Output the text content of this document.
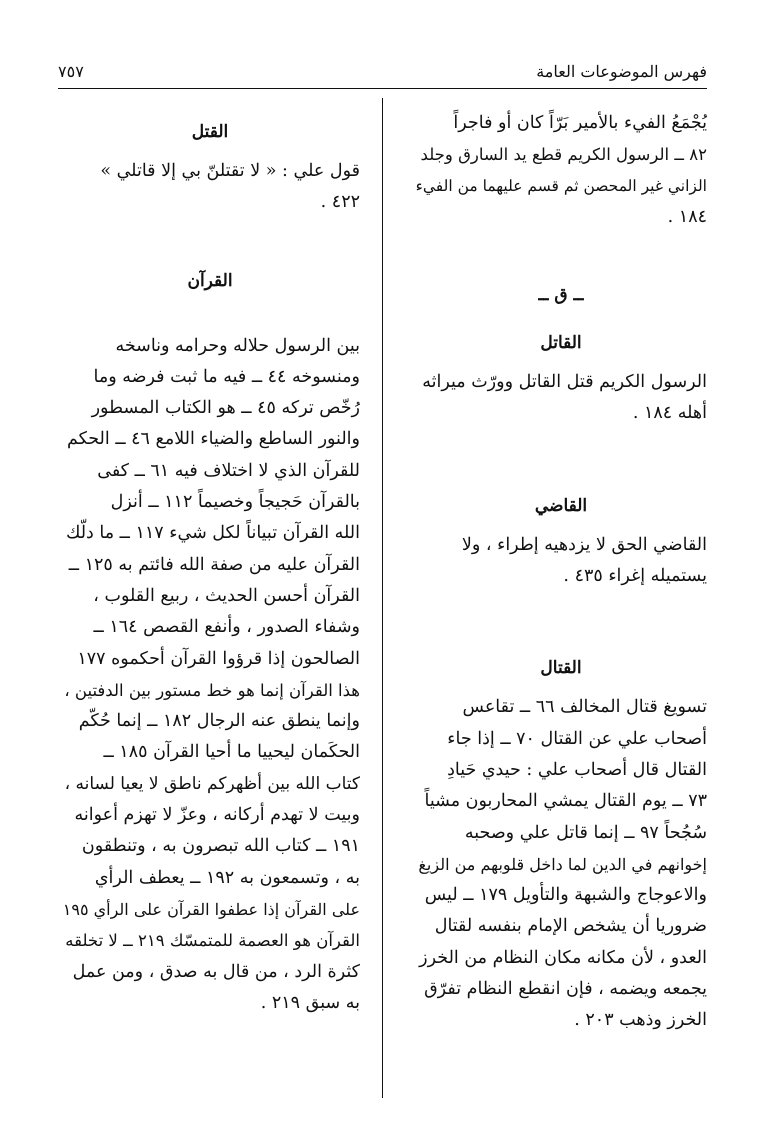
فهرس الموضوعات العامة
٧٥٧
يُجْمَعُ الفيء بالأمير بَرّاً كان أو فاجراً
٨٢ ــ الرسول الكريم قطع يد السارق وجلد
الزاني غير المحصن ثم قسم عليهما من الفيء
١٨٤ .
ــ ق ــ
القاتل
الرسول الكريم قتل القاتل وورّث ميراثه
أهله ١٨٤ .
القاضي
القاضي الحق لا يزدهيه إطراء ، ولا
يستميله إغراء ٤٣٥ .
القتال
تسويغ قتال المخالف ٦٦ ــ تقاعس
أصحاب علي عن القتال ٧٠ ــ إذا جاء
القتال قال أصحاب علي : حيدي حَيادِ
٧٣ ــ يوم القتال يمشي المحاربون مشياً
سُجُحاً ٩٧ ــ إنما قاتل علي وصحبه
إخوانهم في الدين لما داخل قلوبهم من الزيغ
والاعوجاج والشبهة والتأويل ١٧٩ ــ ليس
ضروريا أن يشخص الإمام بنفسه لقتال
العدو ، لأن مكانه مكان النظام من الخرز
يجمعه ويضمه ، فإن انقطع النظام تفرّق
الخرز وذهب ٢٠٣ .
القتل
قول علي : « لا تقتلنّ بي إلا قاتلي »
٤٢٢ .
القرآن
بين الرسول حلاله وحرامه وناسخه
ومنسوخه ٤٤ ــ فيه ما ثبت فرضه وما
رُخّص تركه ٤٥ ــ هو الكتاب المسطور
والنور الساطع والضياء اللامع ٤٦ ــ الحكم
للقرآن الذي لا اختلاف فيه ٦١ ــ كفى
بالقرآن حَجيجاً وخصيماً ١١٢ ــ أنزل
الله القرآن تبياناً لكل شيء ١١٧ ــ ما دلّك
القرآن عليه من صفة الله فائتم به ١٢٥ ــ
القرآن أحسن الحديث ، ربيع القلوب ،
وشفاء الصدور ، وأنفع القصص ١٦٤ ــ
الصالحون إذا قرؤوا القرآن أحكموه ١٧٧
هذا القرآن إنما هو خط مستور بين الدفتين ،
وإنما ينطق عنه الرجال ١٨٢ ــ إنما حُكّم
الحكَمان ليحييا ما أحيا القرآن ١٨٥ ــ
كتاب الله بين أظهركم ناطق لا يعيا لسانه ،
وبيت لا تهدم أركانه ، وعزّ لا تهزم أعوانه
١٩١ ــ كتاب الله تبصرون به ، وتنطقون
به ، وتسمعون به ١٩٢ ــ يعطف الرأي
على القرآن إذا عطفوا القرآن على الرأي ١٩٥
القرآن هو العصمة للمتمسّك ٢١٩ ــ لا تخلقه
كثرة الرد ، من قال به صدق ، ومن عمل
به سبق ٢١٩ .
